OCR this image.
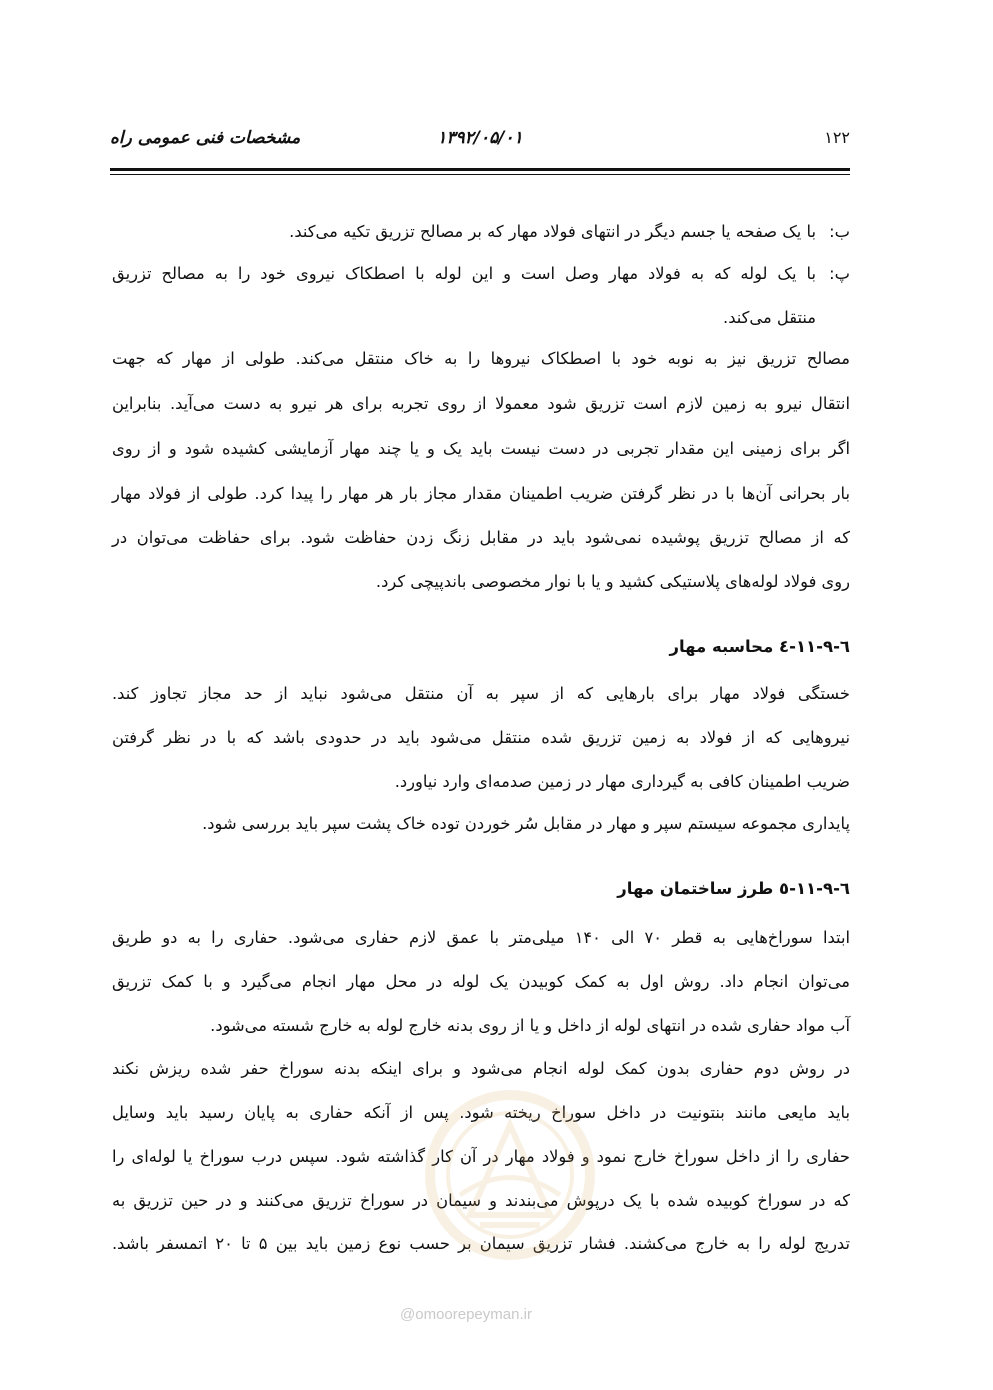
۱۲۲
۱۳۹۲/۰۵/۰۱
مشخصات فنی عمومی راه
ب:
با یک صفحه یا جسم دیگر در انتهای فولاد مهار که بر مصالح تزریق تکیه می‌کند.
پ:
با یک لوله که به فولاد مهار وصل است و این لوله با اصطکاک نیروی خود را به مصالح تزریق
منتقل می‌کند.
مصالح تزریق نیز به نوبه خود با اصطکاک نیروها را به خاک منتقل می‌کند. طولی از مهار که جهت
انتقال نیرو به زمین لازم است تزریق شود معمولا از روی تجربه برای هر نیرو به دست می‌آید. بنابراین
اگر برای زمینی این مقدار تجربی در دست نیست باید یک و یا چند مهار آزمایشی کشیده شود و از روی
بار بحرانی آن‌ها با در نظر گرفتن ضریب اطمینان مقدار مجاز بار هر مهار را پیدا کرد. طولی از فولاد مهار
که از مصالح تزریق پوشیده نمی‌شود باید در مقابل زنگ زدن حفاظت شود. برای حفاظت می‌توان در
روی فولاد لوله‌های پلاستیکی کشید و یا با نوار مخصوصی باندپیچی کرد.
٦-٩-١١-٤ محاسبه مهار
خستگی فولاد مهار برای بارهایی که از سپر به آن منتقل می‌شود نباید از حد مجاز تجاوز کند.
نیروهایی که از فولاد به زمین تزریق شده منتقل می‌شود باید در حدودی باشد که با در نظر گرفتن
ضریب اطمینان کافی به گیرداری مهار در زمین صدمه‌ای وارد نیاورد.
پایداری مجموعه سیستم سپر و مهار در مقابل سُر خوردن توده خاک پشت سپر باید بررسی شود.
٦-٩-١١-٥ طرز ساختمان مهار
ابتدا سوراخ‌هایی به قطر ۷۰ الی ۱۴۰ میلی‌متر با عمق لازم حفاری می‌شود. حفاری را به دو طریق
می‌توان انجام داد. روش اول به کمک کوبیدن یک لوله در محل مهار انجام می‌گیرد و با کمک تزریق
آب مواد حفاری شده در انتهای لوله از داخل و یا از روی بدنه خارج لوله به خارج شسته می‌شود.
در روش دوم حفاری بدون کمک لوله انجام می‌شود و برای اینکه بدنه سوراخ حفر شده ریزش نکند
باید مایعی مانند بنتونیت در داخل سوراخ ریخته شود. پس از آنکه حفاری به پایان رسید باید وسایل
حفاری را از داخل سوراخ خارج نمود و فولاد مهار در آن کار گذاشته شود. سپس درب سوراخ یا لوله‌ای را
که در سوراخ کوبیده شده با یک درپوش می‌بندند و سیمان در سوراخ تزریق می‌کنند و در حین تزریق به
تدریج لوله را به خارج می‌کشند. فشار تزریق سیمان بر حسب نوع زمین باید بین ۵ تا ۲۰ اتمسفر باشد.
@omoorepeyman.ir
